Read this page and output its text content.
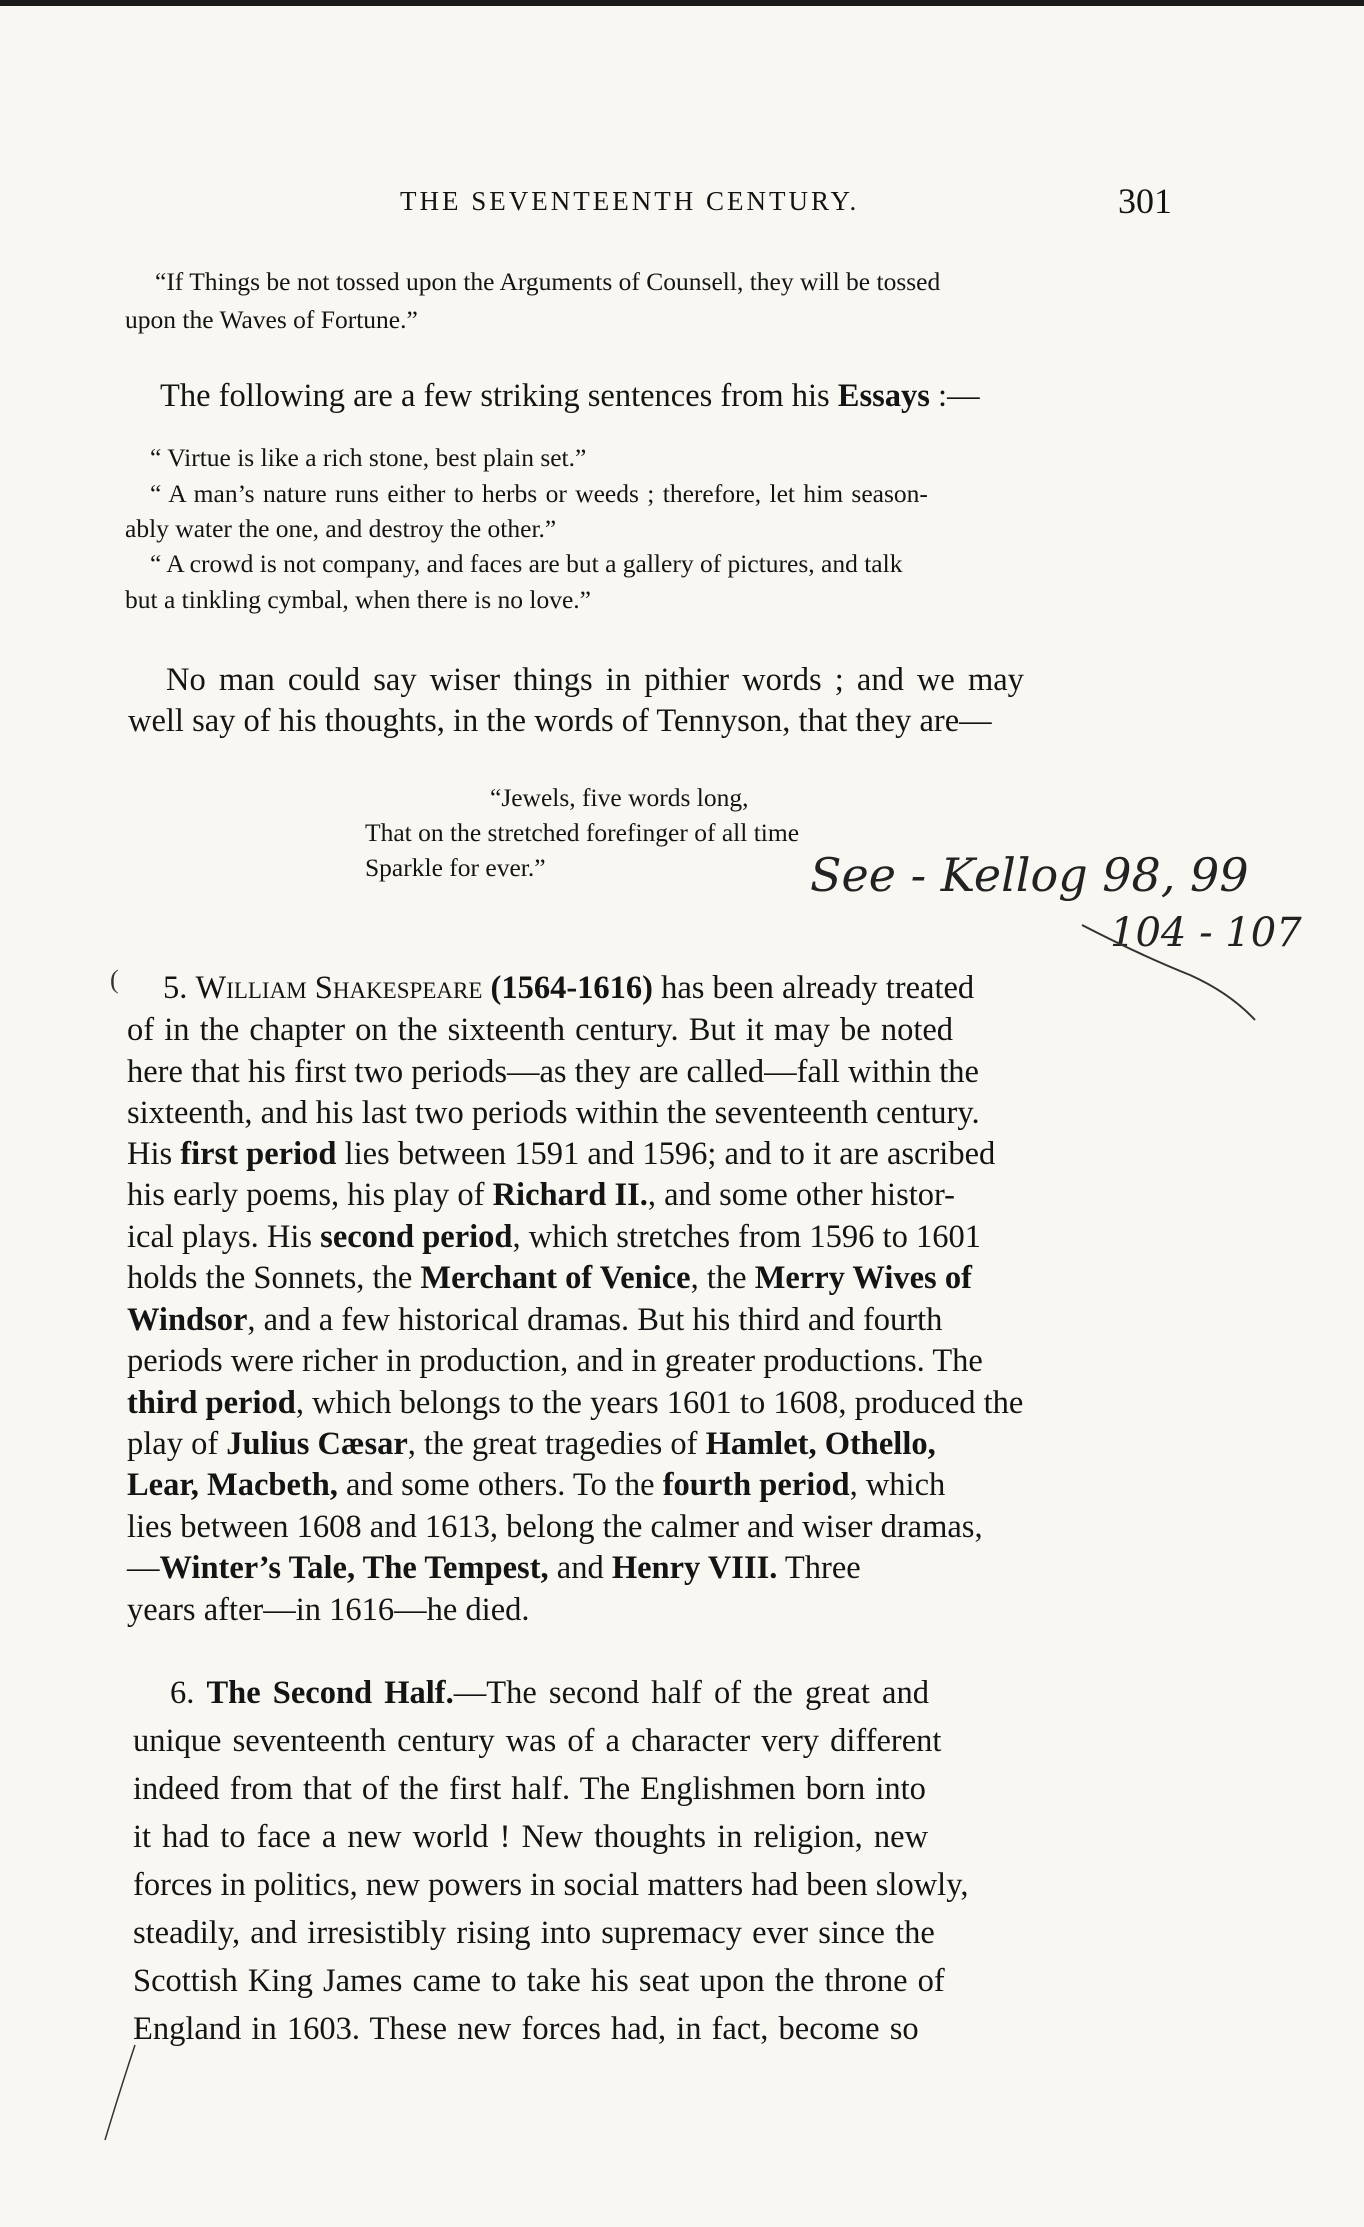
THE SEVENTEENTH CENTURY.	301
“If Things be not tossed upon the Arguments of Counsell, they will be tossed
upon the Waves of Fortune.”
The following are a few striking sentences from his Essays :—
“ Virtue is like a rich stone, best plain set.”
“ A man’s nature runs either to herbs or weeds ; therefore, let him season-
ably water the one, and destroy the other.”
“ A crowd is not company, and faces are but a gallery of pictures, and talk
but a tinkling cymbal, when there is no love.”
No man could say wiser things in pithier words ; and we may
well say of his thoughts, in the words of Tennyson, that they are—
“Jewels, five words long,
That on the stretched forefinger of all time
Sparkle for ever.”	See - Kellog 98, 99
104 - 107
( 5. William Shakespeare (1564-1616) has been already treated
of in the chapter on the sixteenth century. But it may be noted
here that his first two periods—as they are called—fall within the
sixteenth, and his last two periods within the seventeenth century.
His first period lies between 1591 and 1596; and to it are ascribed
his early poems, his play of Richard II., and some other histor-
ical plays. His second period, which stretches from 1596 to 1601
holds the Sonnets, the Merchant of Venice, the Merry Wives of
Windsor, and a few historical dramas. But his third and fourth
periods were richer in production, and in greater productions. The
third period, which belongs to the years 1601 to 1608, produced the
play of Julius Cæsar, the great tragedies of Hamlet, Othello,
Lear, Macbeth, and some others. To the fourth period, which
lies between 1608 and 1613, belong the calmer and wiser dramas,
—Winter’s Tale, The Tempest, and Henry VIII. Three
years after—in 1616—he died.
6. The Second Half.—The second half of the great and
unique seventeenth century was of a character very different
indeed from that of the first half. The Englishmen born into
it had to face a new world ! New thoughts in religion, new
forces in politics, new powers in social matters had been slowly,
steadily, and irresistibly rising into supremacy ever since the
Scottish King James came to take his seat upon the throne of
England in 1603. These new forces had, in fact, become so
